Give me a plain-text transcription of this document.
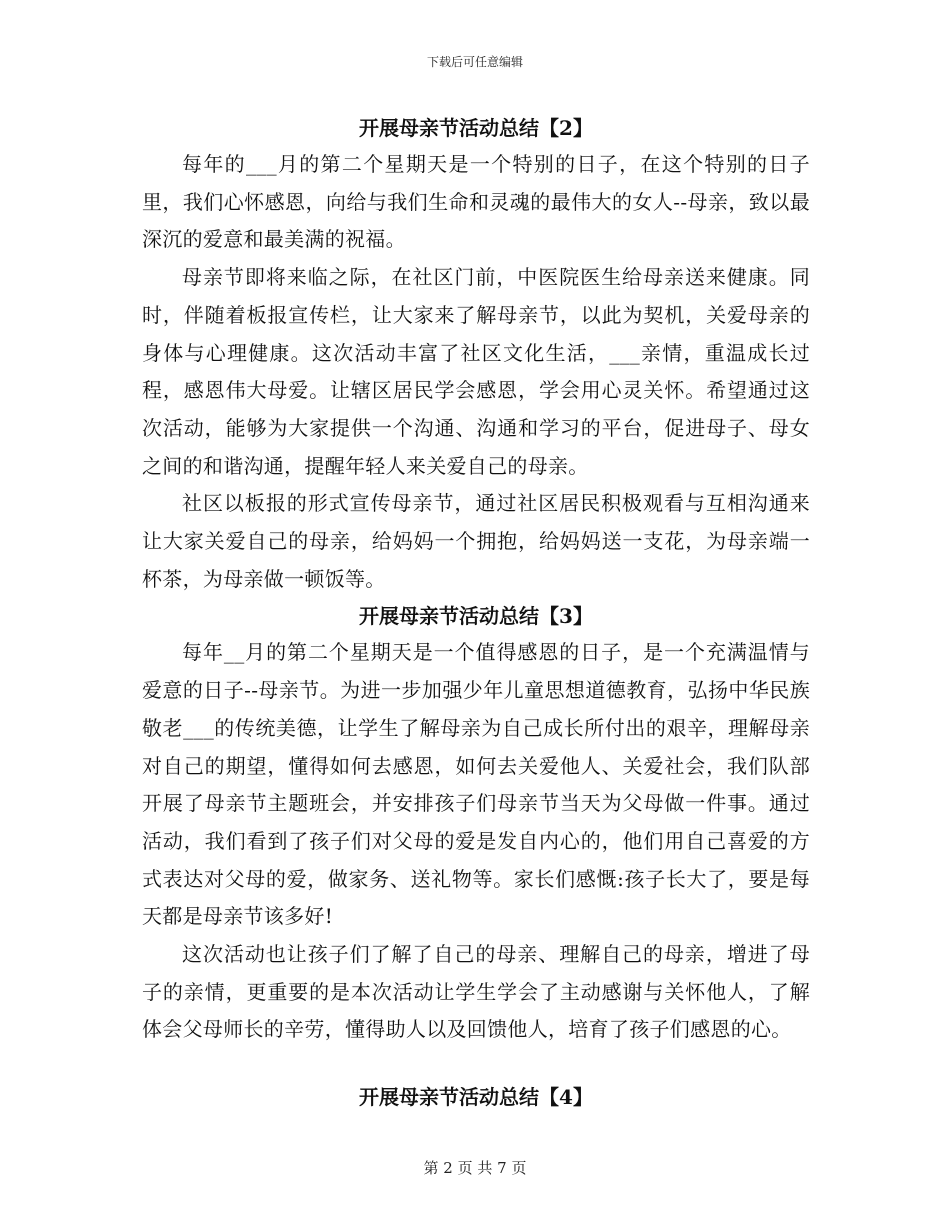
下载后可任意编辑
开展母亲节活动总结【2】

每年的___月的第二个星期天是一个特别的日子，在这个特别的日子里，我们心怀感恩，向给与我们生命和灵魂的最伟大的女人--母亲，致以最深沉的爱意和最美满的祝福。

母亲节即将来临之际，在社区门前，中医院医生给母亲送来健康。同时，伴随着板报宣传栏，让大家来了解母亲节，以此为契机，关爱母亲的身体与心理健康。这次活动丰富了社区文化生活，___亲情，重温成长过程，感恩伟大母爱。让辖区居民学会感恩，学会用心灵关怀。希望通过这次活动，能够为大家提供一个沟通、沟通和学习的平台，促进母子、母女之间的和谐沟通，提醒年轻人来关爱自己的母亲。

社区以板报的形式宣传母亲节，通过社区居民积极观看与互相沟通来让大家关爱自己的母亲，给妈妈一个拥抱，给妈妈送一支花，为母亲端一杯茶，为母亲做一顿饭等。

开展母亲节活动总结【3】

每年__月的第二个星期天是一个值得感恩的日子，是一个充满温情与爱意的日子--母亲节。为进一步加强少年儿童思想道德教育，弘扬中华民族敬老___的传统美德，让学生了解母亲为自己成长所付出的艰辛，理解母亲对自己的期望，懂得如何去感恩，如何去关爱他人、关爱社会，我们队部开展了母亲节主题班会，并安排孩子们母亲节当天为父母做一件事。通过活动，我们看到了孩子们对父母的爱是发自内心的，他们用自己喜爱的方式表达对父母的爱，做家务、送礼物等。家长们感慨:孩子长大了，要是每天都是母亲节该多好!

这次活动也让孩子们了解了自己的母亲、理解自己的母亲，增进了母子的亲情，更重要的是本次活动让学生学会了主动感谢与关怀他人，了解体会父母师长的辛劳，懂得助人以及回馈他人，培育了孩子们感恩的心。

开展母亲节活动总结【4】
第 2 页 共 7 页
